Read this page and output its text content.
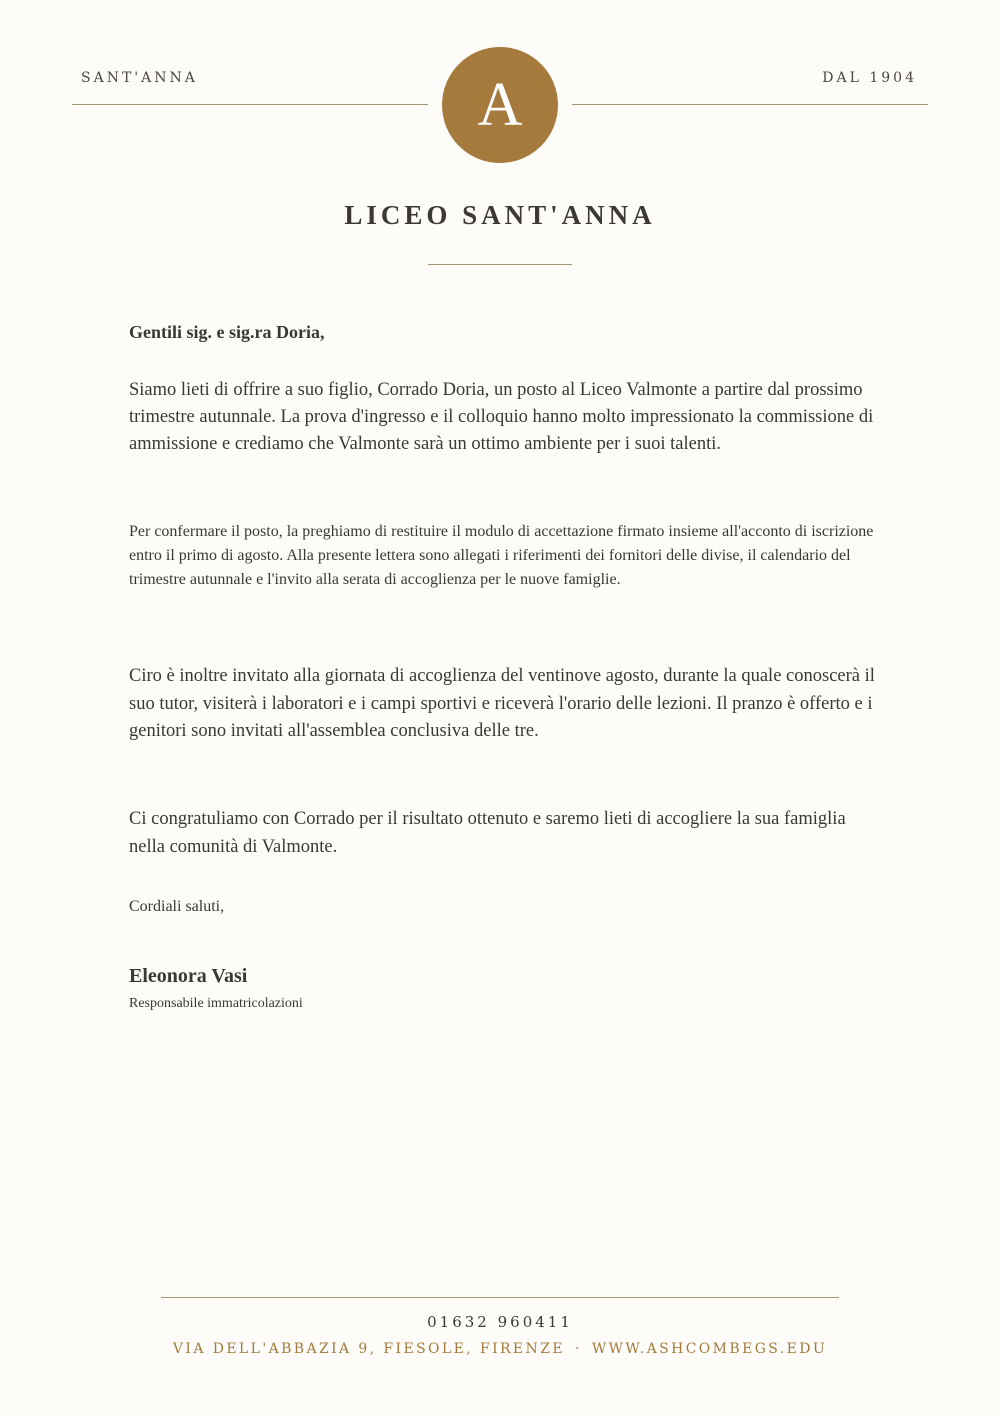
SANT'ANNA	A	DAL 1904
LICEO SANT'ANNA
Gentili sig. e sig.ra Doria,
Siamo lieti di offrire a suo figlio, Corrado Doria, un posto al Liceo Valmonte a partire dal prossimo trimestre autunnale. La prova d'ingresso e il colloquio hanno molto impressionato la commissione di ammissione e crediamo che Valmonte sarà un ottimo ambiente per i suoi talenti.
Per confermare il posto, la preghiamo di restituire il modulo di accettazione firmato insieme all'acconto di iscrizione entro il primo di agosto. Alla presente lettera sono allegati i riferimenti dei fornitori delle divise, il calendario del trimestre autunnale e l'invito alla serata di accoglienza per le nuove famiglie.
Ciro è inoltre invitato alla giornata di accoglienza del ventinove agosto, durante la quale conoscerà il suo tutor, visiterà i laboratori e i campi sportivi e riceverà l'orario delle lezioni. Il pranzo è offerto e i genitori sono invitati all'assemblea conclusiva delle tre.
Ci congratuliamo con Corrado per il risultato ottenuto e saremo lieti di accogliere la sua famiglia nella comunità di Valmonte.
Cordiali saluti,
Eleonora Vasi
Responsabile immatricolazioni
01632 960411
VIA DELL'ABBAZIA 9, FIESOLE, FIRENZE · WWW.ASHCOMBEGS.EDU
